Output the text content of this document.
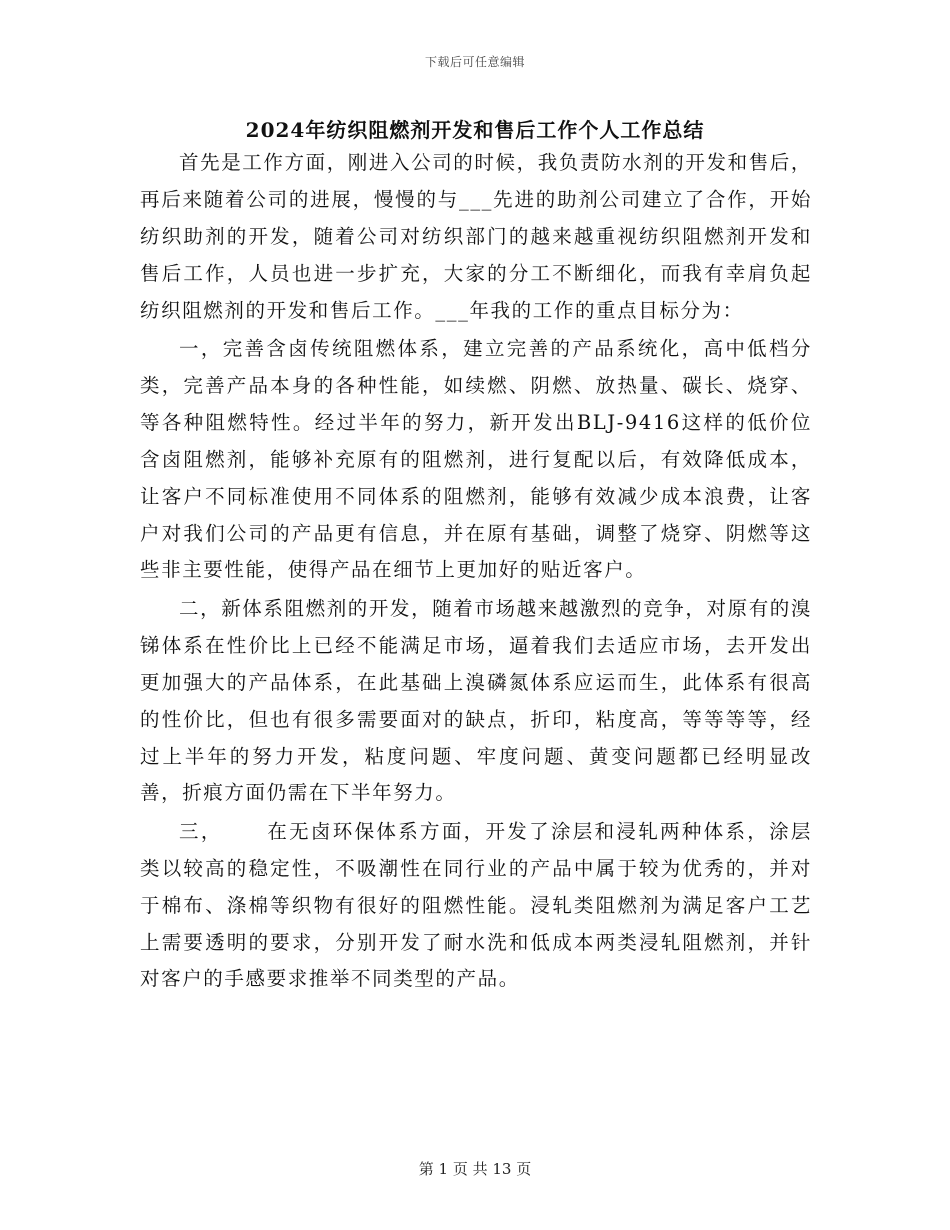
下载后可任意编辑
2024年纺织阻燃剂开发和售后工作个人工作总结

首先是工作方面，刚进入公司的时候，我负责防水剂的开发和售后，再后来随着公司的进展，慢慢的与___先进的助剂公司建立了合作，开始纺织助剂的开发，随着公司对纺织部门的越来越重视纺织阻燃剂开发和售后工作，人员也进一步扩充，大家的分工不断细化，而我有幸肩负起纺织阻燃剂的开发和售后工作。___年我的工作的重点目标分为：

一，完善含卤传统阻燃体系，建立完善的产品系统化，高中低档分类，完善产品本身的各种性能，如续燃、阴燃、放热量、碳长、烧穿、等各种阻燃特性。经过半年的努力，新开发出BLJ-9416这样的低价位含卤阻燃剂，能够补充原有的阻燃剂，进行复配以后，有效降低成本，让客户不同标准使用不同体系的阻燃剂，能够有效减少成本浪费，让客户对我们公司的产品更有信息，并在原有基础，调整了烧穿、阴燃等这些非主要性能，使得产品在细节上更加好的贴近客户。

二，新体系阻燃剂的开发，随着市场越来越激烈的竞争，对原有的溴锑体系在性价比上已经不能满足市场，逼着我们去适应市场，去开发出更加强大的产品体系，在此基础上溴磷氮体系应运而生，此体系有很高的性价比，但也有很多需要面对的缺点，折印，粘度高，等等等等，经过上半年的努力开发，粘度问题、牢度问题、黄变问题都已经明显改善，折痕方面仍需在下半年努力。

三， 在无卤环保体系方面，开发了涂层和浸轧两种体系，涂层类以较高的稳定性，不吸潮性在同行业的产品中属于较为优秀的，并对于棉布、涤棉等织物有很好的阻燃性能。浸轧类阻燃剂为满足客户工艺上需要透明的要求，分别开发了耐水洗和低成本两类浸轧阻燃剂，并针对客户的手感要求推举不同类型的产品。

第 1 页 共 13 页
